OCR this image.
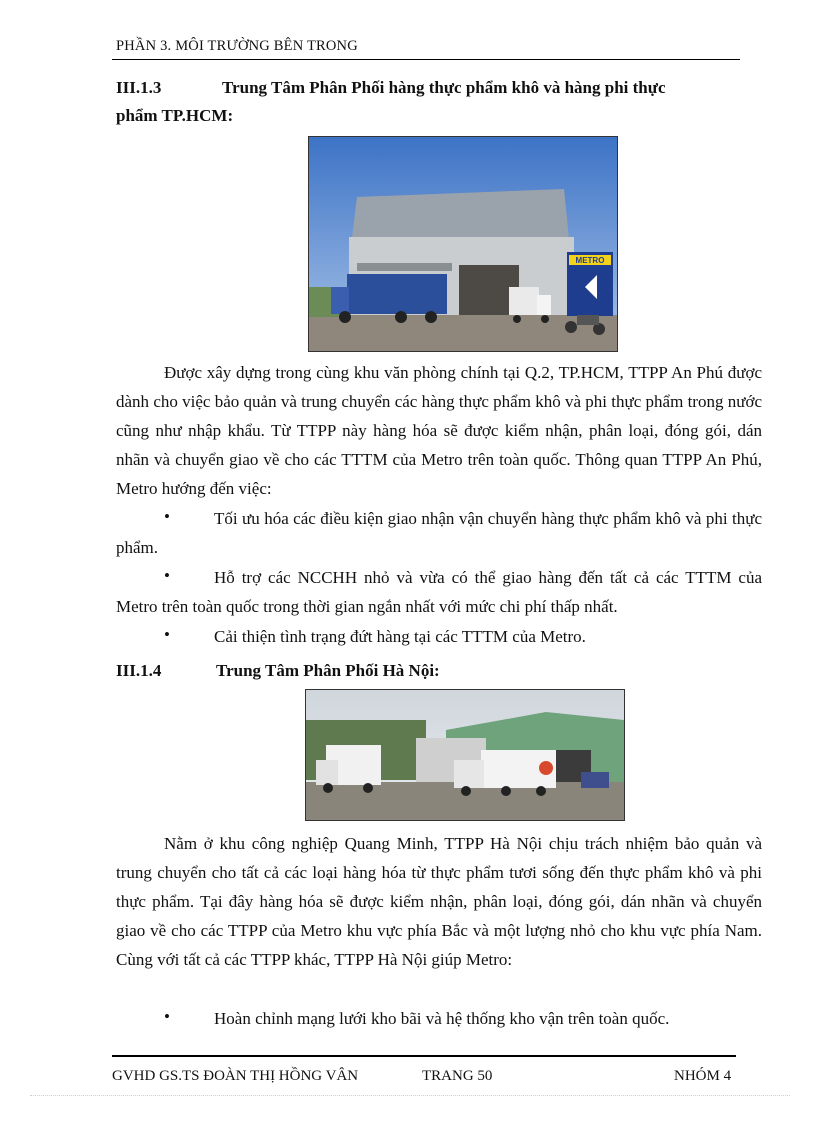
PHẦN 3. MÔI TRƯỜNG BÊN TRONG
III.1.3	Trung Tâm Phân Phối hàng thực phẩm khô và hàng phi thực
phẩm TP.HCM:
METRO
Được xây dựng trong cùng khu văn phòng chính tại Q.2, TP.HCM, TTPP An Phú được dành cho việc bảo quản và trung chuyển các hàng thực phẩm khô và phi thực phẩm trong nước cũng như nhập khẩu. Từ TTPP này hàng hóa sẽ được kiểm nhận, phân loại, đóng gói, dán nhãn và chuyển giao về cho các TTTM của Metro trên toàn quốc. Thông quan TTPP An Phú, Metro hướng đến việc:
•	Tối ưu hóa các điều kiện giao nhận vận chuyển hàng thực phẩm khô và phi thực phẩm.
•	Hỗ trợ các NCCHH nhỏ và vừa có thể giao hàng đến tất cả các TTTM của Metro trên toàn quốc trong thời gian ngắn nhất với mức chi phí thấp nhất.
•	Cải thiện tình trạng đứt hàng tại các TTTM của Metro.
III.1.4	Trung Tâm Phân Phối Hà Nội:
Nằm ở khu công nghiệp Quang Minh, TTPP Hà Nội chịu trách nhiệm bảo quản và trung chuyển cho tất cả các loại hàng hóa từ thực phẩm tươi sống đến thực phẩm khô và phi thực phẩm. Tại đây hàng hóa sẽ được kiểm nhận, phân loại, đóng gói, dán nhãn và chuyển giao về cho các TTPP của Metro khu vực phía Bắc và một lượng nhỏ cho khu vực phía Nam. Cùng với tất cả các TTPP khác, TTPP Hà Nội giúp Metro:
•	Hoàn chỉnh mạng lưới kho bãi và hệ thống kho vận trên toàn quốc.
GVHD GS.TS ĐOÀN THỊ HỒNG VÂN	TRANG 50	NHÓM 4
